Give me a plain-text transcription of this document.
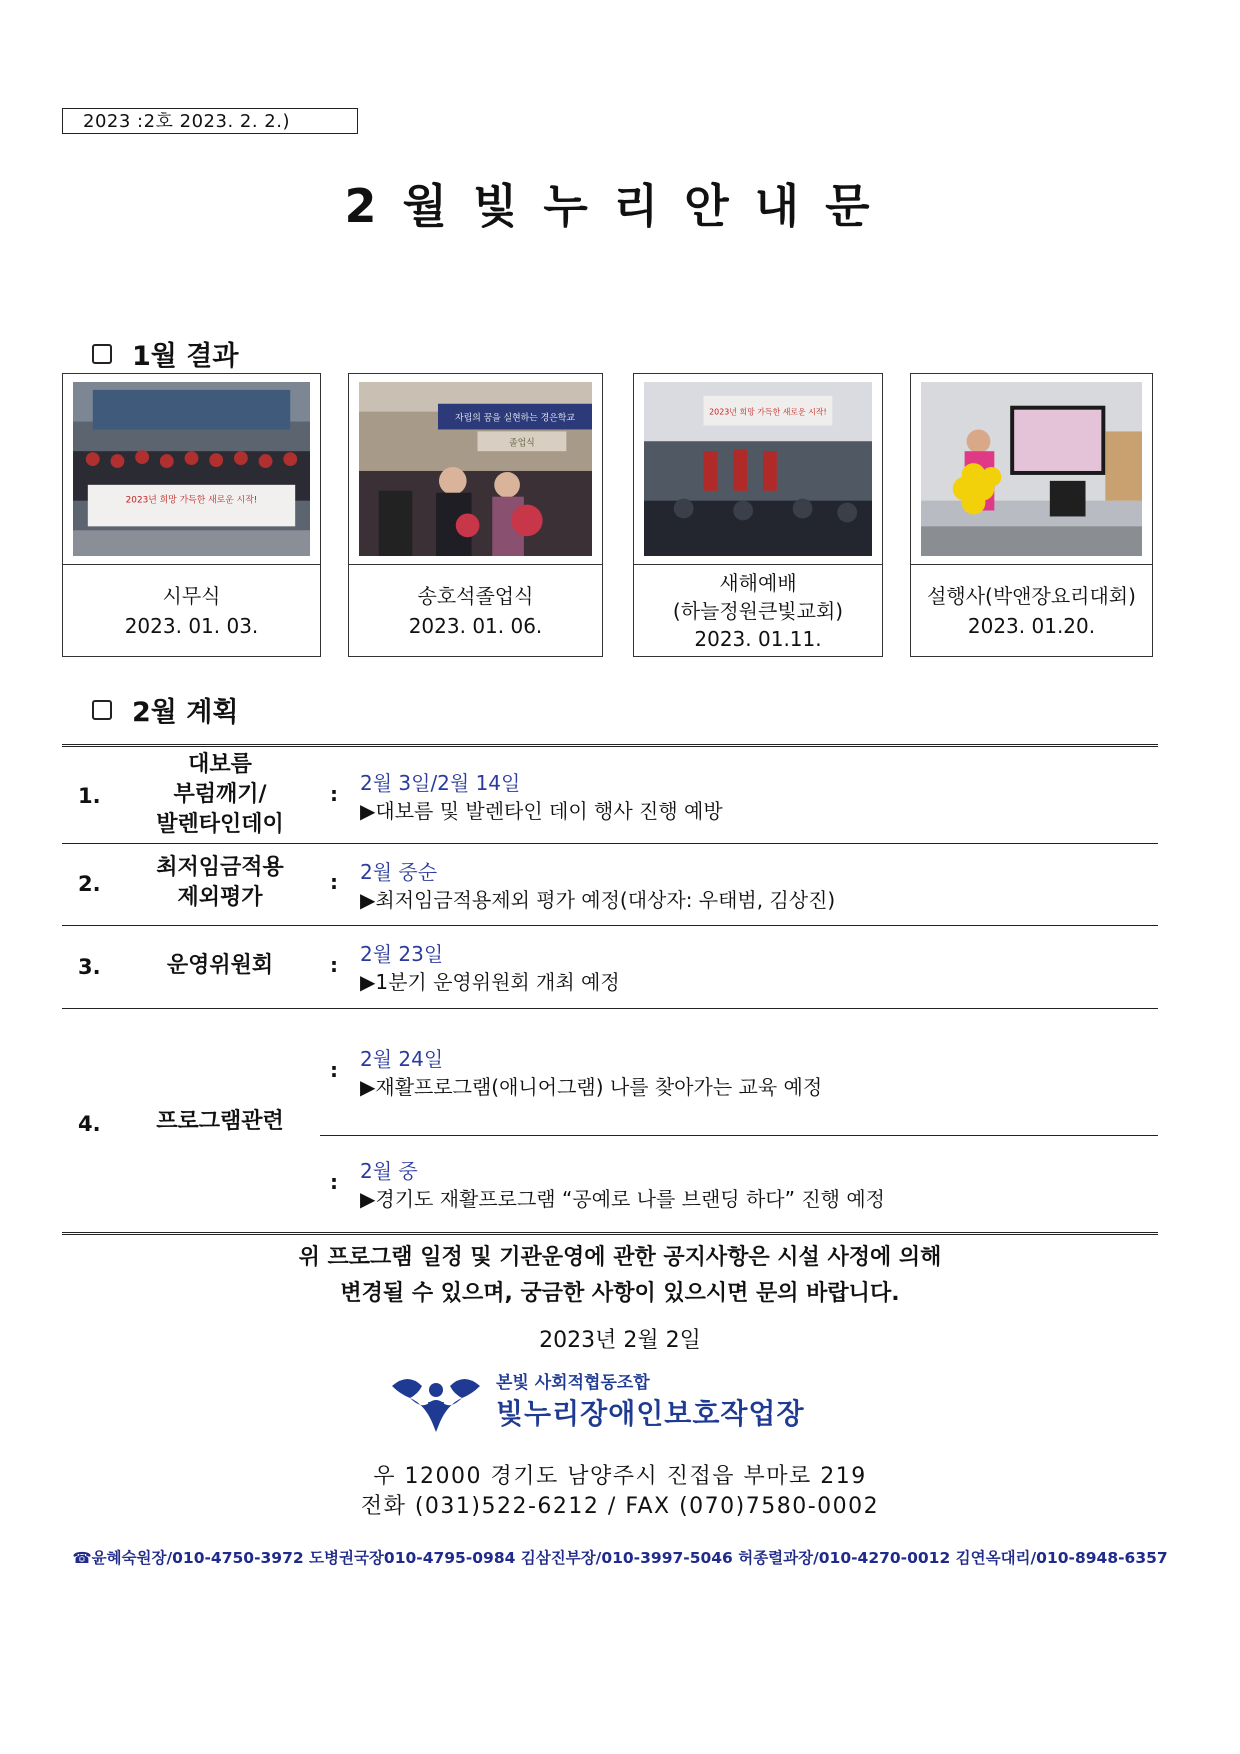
2023 :2호 2023. 2. 2.)
2월빛누리안내문
1월 결과
2023년 희망 가득한 새로운 시작!
시무식
2023. 01. 03.
자립의 꿈을 실현하는 경은학교
졸업식
송호석졸업식
2023. 01. 06.
2023년 희망 가득한 새로운 시작!
새해예배
(하늘정원큰빛교회)
2023. 01.11.
설행사(박앤장요리대회)
2023. 01.20.
2월 계획
1.
대보름
부럼깨기/
발렌타인데이
: 2월 3일/2월 14일
▶대보름 및 발렌타인 데이 행사 진행 예방
2.
최저임금적용
제외평가
: 2월 중순
▶최저임금적용제외 평가 예정(대상자: 우태범, 김상진)
3.	운영위원회	: 2월 23일
▶1분기 운영위원회 개최 예정
4.	프로그램관련
: 2월 24일
▶재활프로그램(애니어그램) 나를 찾아가는 교육 예정
: 2월 중
▶경기도 재활프로그램 “공예로 나를 브랜딩 하다” 진행 예정
위 프로그램 일정 및 기관운영에 관한 공지사항은 시설 사정에 의해
변경될 수 있으며, 궁금한 사항이 있으시면 문의 바랍니다.
2023년 2월 2일
본빛 사회적협동조합
빛누리장애인보호작업장
우 12000 경기도 남양주시 진접읍 부마로 219
전화 (031)522-6212 / FAX (070)7580-0002
☎윤혜숙원장/010-4750-3972 도병권국장010-4795-0984 김삼진부장/010-3997-5046 허종렬과장/010-4270-0012 김연옥대리/010-8948-6357
